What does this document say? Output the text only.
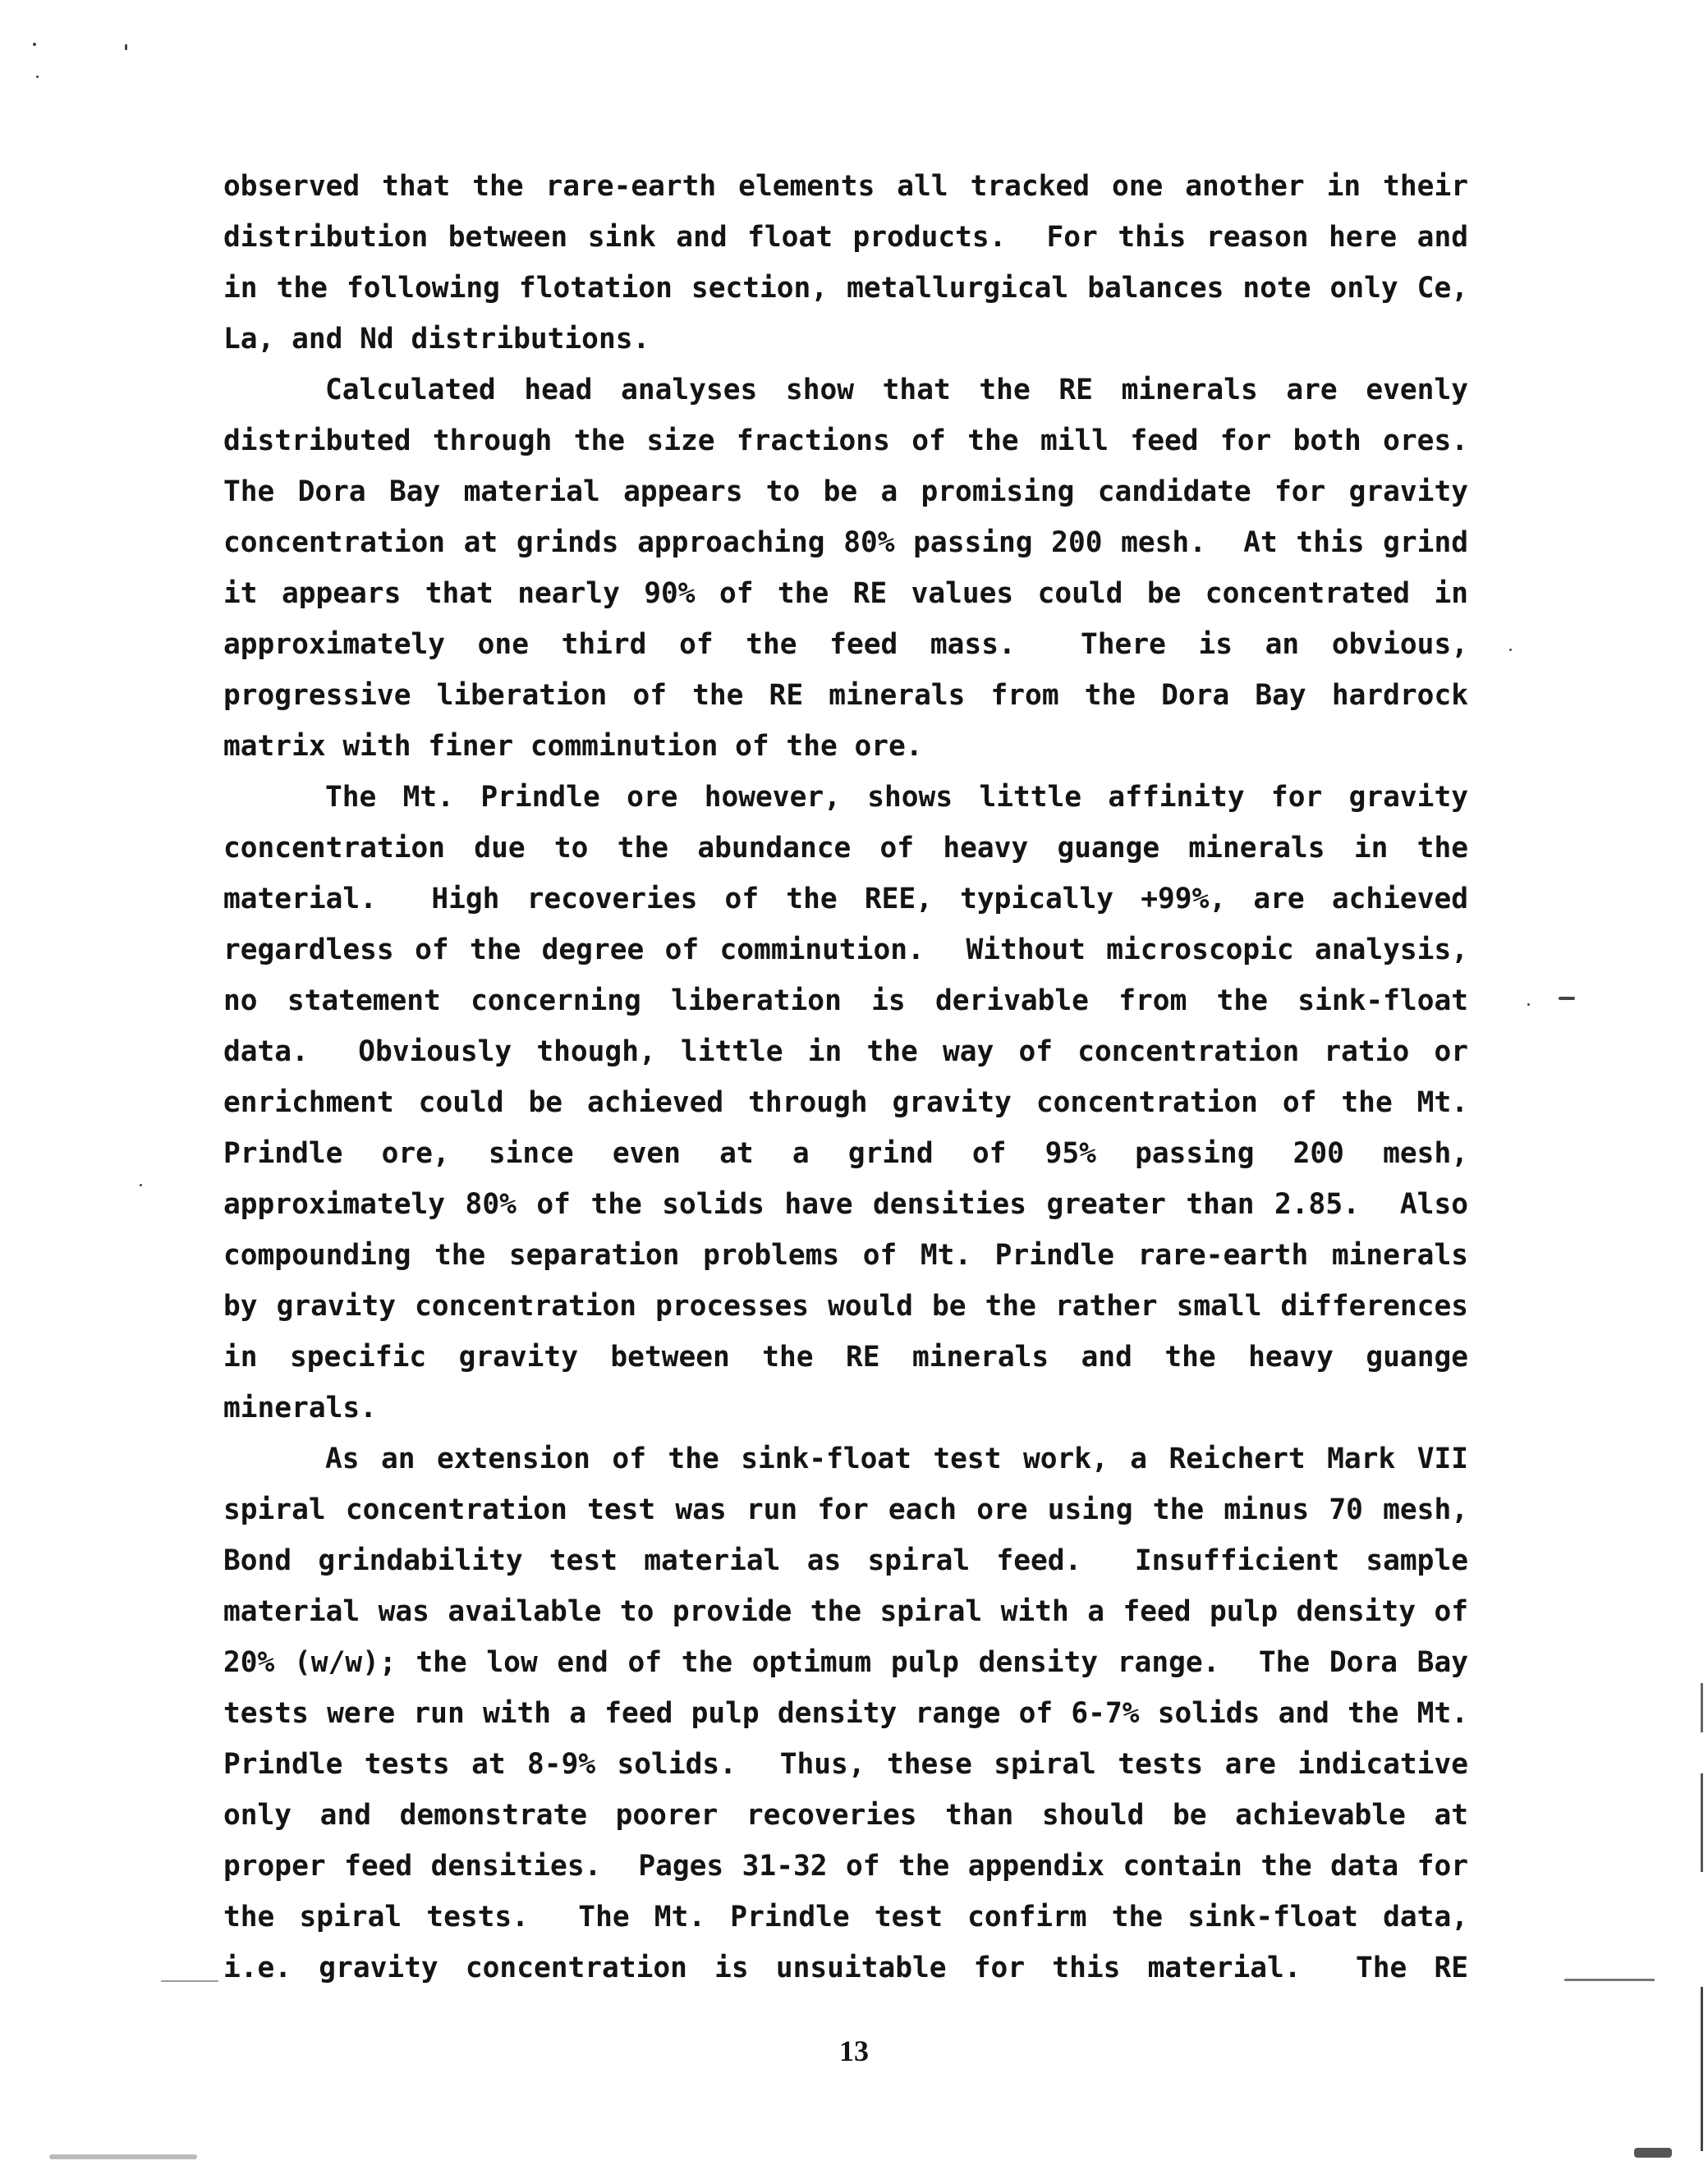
observed that the rare-earth elements all tracked one another in their
distribution between sink and float products.  For this reason here and
in the following flotation section, metallurgical balances note only Ce,
La, and Nd distributions.
Calculated head analyses show that the RE minerals are evenly
distributed through the size fractions of the mill feed for both ores.
The Dora Bay material appears to be a promising candidate for gravity
concentration at grinds approaching 80% passing 200 mesh.  At this grind
it appears that nearly 90% of the RE values could be concentrated in
approximately one third of the feed mass.  There is an obvious,
progressive liberation of the RE minerals from the Dora Bay hardrock
matrix with finer comminution of the ore.
The Mt. Prindle ore however, shows little affinity for gravity
concentration due to the abundance of heavy guange minerals in the
material.  High recoveries of the REE, typically +99%, are achieved
regardless of the degree of comminution.  Without microscopic analysis,
no statement concerning liberation is derivable from the sink-float
data.  Obviously though, little in the way of concentration ratio or
enrichment could be achieved through gravity concentration of the Mt.
Prindle ore, since even at a grind of 95% passing 200 mesh,
approximately 80% of the solids have densities greater than 2.85.  Also
compounding the separation problems of Mt. Prindle rare-earth minerals
by gravity concentration processes would be the rather small differences
in specific gravity between the RE minerals and the heavy guange
minerals.
As an extension of the sink-float test work, a Reichert Mark VII
spiral concentration test was run for each ore using the minus 70 mesh,
Bond grindability test material as spiral feed.  Insufficient sample
material was available to provide the spiral with a feed pulp density of
20% (w/w); the low end of the optimum pulp density range.  The Dora Bay
tests were run with a feed pulp density range of 6-7% solids and the Mt.
Prindle tests at 8-9% solids.  Thus, these spiral tests are indicative
only and demonstrate poorer recoveries than should be achievable at
proper feed densities.  Pages 31-32 of the appendix contain the data for
the spiral tests.  The Mt. Prindle test confirm the sink-float data,
i.e. gravity concentration is unsuitable for this material.  The RE
13
